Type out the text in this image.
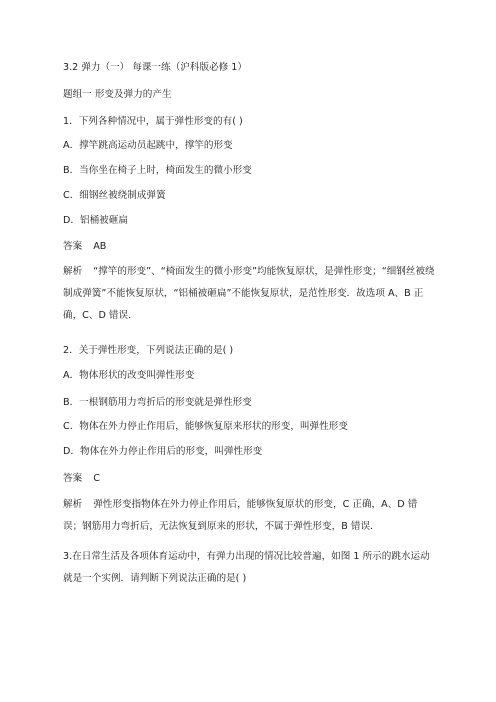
3.2 弹力（一） 每课一练（沪科版必修 1）
题组一 形变及弹力的产生
1．下列各种情况中，属于弹性形变的有( )
A．撑竿跳高运动员起跳中，撑竿的形变
B．当你坐在椅子上时，椅面发生的微小形变
C．细钢丝被绕制成弹簧
D．铝桶被砸扁
答案 AB
解析 “撑竿的形变”、“椅面发生的微小形变”均能恢复原状，是弹性形变；“细钢丝被绕制成弹簧”不能恢复原状，“铝桶被砸扁”不能恢复原状，是范性形变．故选项 A、B 正确，C、D 错误．
2．关于弹性形变，下列说法正确的是( )
A．物体形状的改变叫弹性形变
B．一根钢筋用力弯折后的形变就是弹性形变
C．物体在外力停止作用后，能够恢复原来形状的形变，叫弹性形变
D．物体在外力停止作用后的形变，叫弹性形变
答案 C
解析 弹性形变指物体在外力停止作用后，能够恢复原状的形变，C 正确，A、D 错误；钢筋用力弯折后，无法恢复到原来的形状，不属于弹性形变，B 错误．
3.在日常生活及各项体育运动中，有弹力出现的情况比较普遍，如图 1 所示的跳水运动就是一个实例．请判断下列说法正确的是( )
